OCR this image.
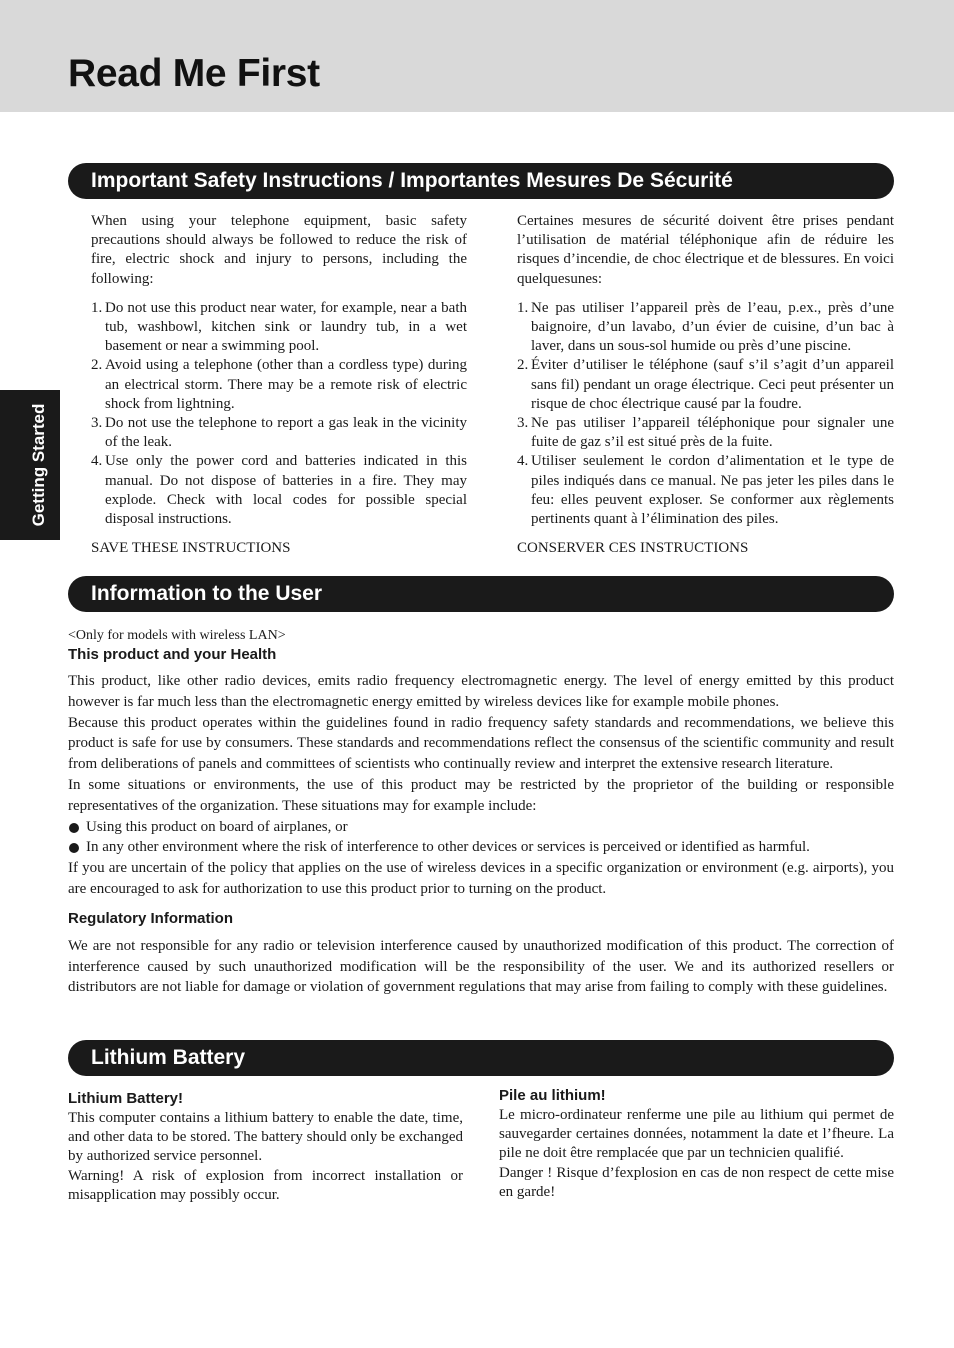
Read Me First
Getting Started
Important Safety Instructions / Importantes Mesures De Sécurité

When using your telephone equipment, basic safety precautions should always be followed to reduce the risk of fire, electric shock and injury to persons, including the following:

1. Do not use this product near water, for example, near a bath tub, washbowl, kitchen sink or laundry tub, in a wet basement or near a swimming pool.
2. Avoid using a telephone (other than a cordless type) during an electrical storm. There may be a remote risk of electric shock from lightning.
3. Do not use the telephone to report a gas leak in the vicinity of the leak.
4. Use only the power cord and batteries indicated in this manual. Do not dispose of batteries in a fire. They may explode. Check with local codes for possible special disposal instructions.

SAVE THESE INSTRUCTIONS

Certaines mesures de sécurité doivent être prises pendant l’utilisation de matérial téléphonique afin de réduire les risques d’incendie, de choc électrique et de blessures. En voici quelquesunes:

1. Ne pas utiliser l’appareil près de l’eau, p.ex., près d’une baignoire, d’un lavabo, d’un évier de cuisine, d’un bac à laver, dans un sous-sol humide ou près d’une piscine.
2. Éviter d’utiliser le téléphone (sauf s’il s’agit d’un appareil sans fil) pendant un orage électrique. Ceci peut présenter un risque de choc électrique causé par la foudre.
3. Ne pas utiliser l’appareil téléphonique pour signaler une fuite de gaz s’il est situé près de la fuite.
4. Utiliser seulement le cordon d’alimentation et le type de piles indiqués dans ce manual. Ne pas jeter les piles dans le feu: elles peuvent exploser. Se conformer aux règlements pertinents quant à l’élimination des piles.

CONSERVER CES INSTRUCTIONS

Information to the User

<Only for models with wireless LAN>

This product and your Health

This product, like other radio devices, emits radio frequency electromagnetic energy. The level of energy emitted by this product however is far much less than the electromagnetic energy emitted by wireless devices like for example mobile phones.

Because this product operates within the guidelines found in radio frequency safety standards and recommendations, we believe this product is safe for use by consumers. These standards and recommendations reflect the consensus of the scientific community and result from deliberations of panels and committees of scientists who continually review and interpret the extensive research literature.

In some situations or environments, the use of this product may be restricted by the proprietor of the building or responsible representatives of the organization. These situations may for example include:

Using this product on board of airplanes, or

In any other environment where the risk of interference to other devices or services is perceived or identified as harmful.

If you are uncertain of the policy that applies on the use of wireless devices in a specific organization or environment (e.g. airports), you are encouraged to ask for authorization to use this product prior to turning on the product.

Regulatory Information

We are not responsible for any radio or television interference caused by unauthorized modification of this product. The correction of interference caused by such unauthorized modification will be the responsibility of the user. We and its authorized resellers or distributors are not liable for damage or violation of government regulations that may arise from failing to comply with these guidelines.

Lithium Battery

Lithium Battery!

This computer contains a lithium battery to enable the date, time, and other data to be stored. The battery should only be exchanged by authorized service personnel.

Warning! A risk of explosion from incorrect installation or misapplication may possibly occur.

Pile au lithium!

Le micro-ordinateur renferme une pile au lithium qui permet de sauvegarder certaines données, notamment la date et l’fheure. La pile ne doit être remplacée que par un technicien qualifié.

Danger ! Risque d’fexplosion en cas de non respect de cette mise en garde!
